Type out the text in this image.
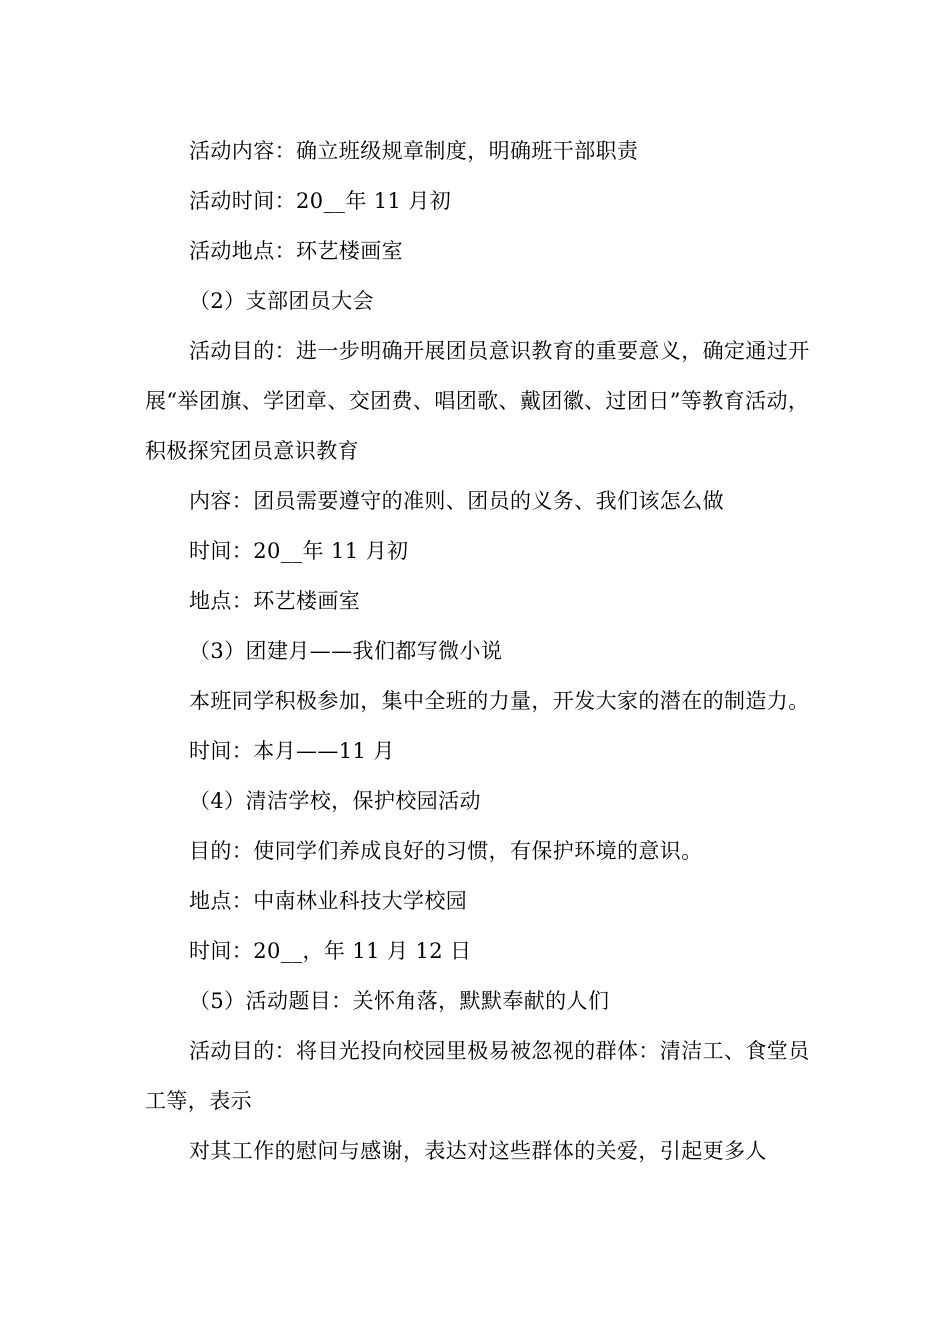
活动内容：确立班级规章制度，明确班干部职责

活动时间：20__年 11 月初

活动地点：环艺楼画室

（2）支部团员大会

活动目的：进一步明确开展团员意识教育的重要意义，确定通过开展“举团旗、学团章、交团费、唱团歌、戴团徽、过团日”等教育活动，积极探究团员意识教育

内容：团员需要遵守的准则、团员的义务、我们该怎么做

时间：20__年 11 月初

地点：环艺楼画室

（3）团建月——我们都写微小说

本班同学积极参加，集中全班的力量，开发大家的潜在的制造力。

时间：本月——11 月

（4）清洁学校，保护校园活动

目的：使同学们养成良好的习惯，有保护环境的意识。

地点：中南林业科技大学校园

时间：20__，年 11 月 12 日

（5）活动题目：关怀角落，默默奉献的人们

活动目的：将目光投向校园里极易被忽视的群体：清洁工、食堂员工等，表示

对其工作的慰问与感谢，表达对这些群体的关爱，引起更多人
